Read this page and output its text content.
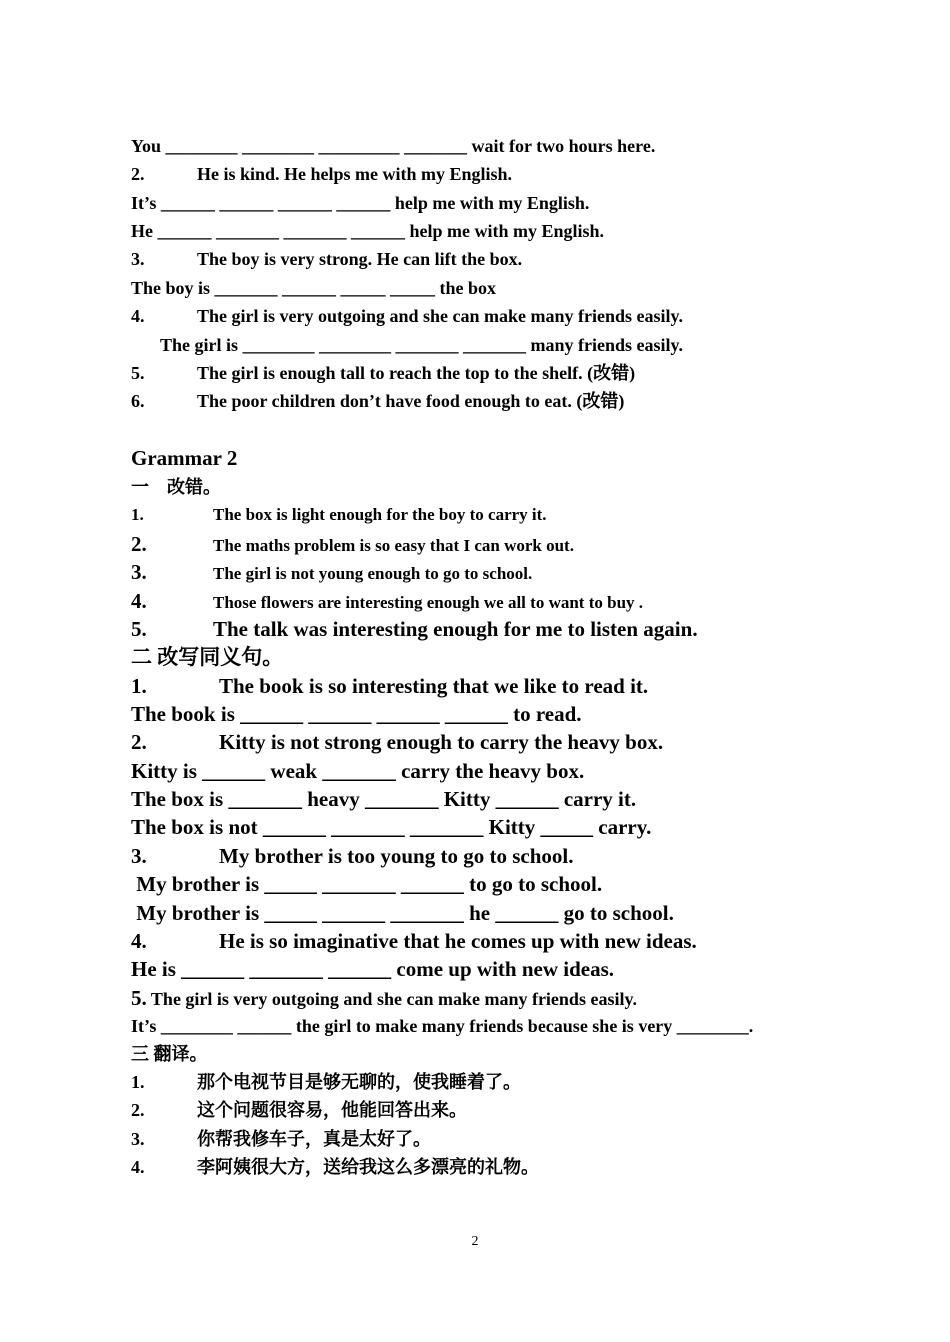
You ________ ________ _________ _______ wait for two hours here.
2.	He is kind. He helps me with my English.
It’s ______ ______ ______ ______ help me with my English.
He ______ _______ _______ ______ help me with my English.
3.	The boy is very strong. He can lift the box.
The boy is _______ ______ _____ _____ the box
4.	The girl is very outgoing and she can make many friends easily.
The girl is ________ ________ _______ _______ many friends easily.
5.	The girl is enough tall to reach the top to the shelf. (改错)
6.	The poor children don’t have food enough to eat. (改错)
Grammar 2
一　改错。
1.	The box is light enough for the boy to carry it.
2.	The maths problem is so easy that I can work out.
3.	The girl is not young enough to go to school.
4.	Those flowers are interesting enough we all to want to buy .
5.	The talk was interesting enough for me to listen again.
二 改写同义句。
1.	The book is so interesting that we like to read it.
The book is ______ ______ ______ ______ to read.
2.	Kitty is not strong enough to carry the heavy box.
Kitty is ______ weak _______ carry the heavy box.
The box is _______ heavy _______ Kitty ______ carry it.
The box is not ______ _______ _______ Kitty _____ carry.
3.	My brother is too young to go to school.
My brother is _____ _______ ______ to go to school.
My brother is _____ ______ _______ he ______ go to school.
4.	He is so imaginative that he comes up with new ideas.
He is ______ _______ ______ come up with new ideas.
5. The girl is very outgoing and she can make many friends easily.
It’s ________ ______ the girl to make many friends because she is very ________.
三 翻译。
1.	那个电视节目是够无聊的，使我睡着了。
2.	这个问题很容易，他能回答出来。
3.	你帮我修车子，真是太好了。
4.	李阿姨很大方，送给我这么多漂亮的礼物。
2
